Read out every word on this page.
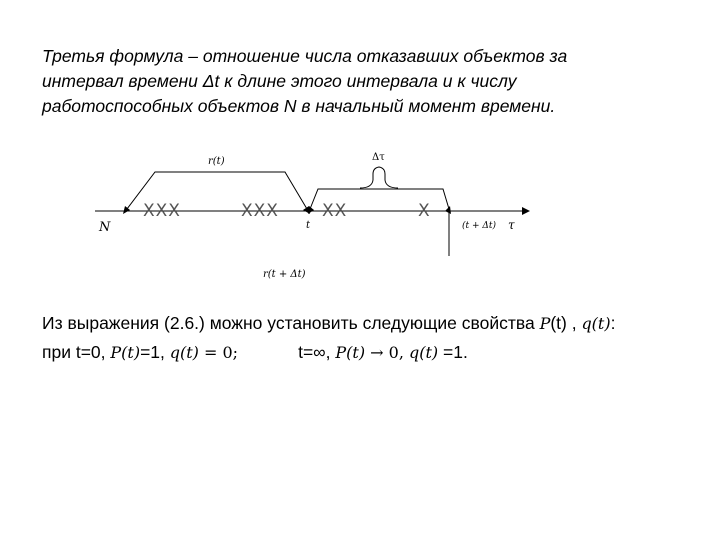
Третья формула – отношение числа отказавших объектов за
интервал времени Δt к длине этого интервала и к числу
работоспособных объектов N в начальный момент времени.
XXX	XXX	XX	X
N	τ
t	(t + Δt)
r(t)
r(t + Δt)
Δτ
Из выражения (2.6.) можно установить следующие свойства P(t) , q(t):
при t=0, P(t)=1, q(t) = 0;	t=∞, P(t) → 0, q(t) =1.
